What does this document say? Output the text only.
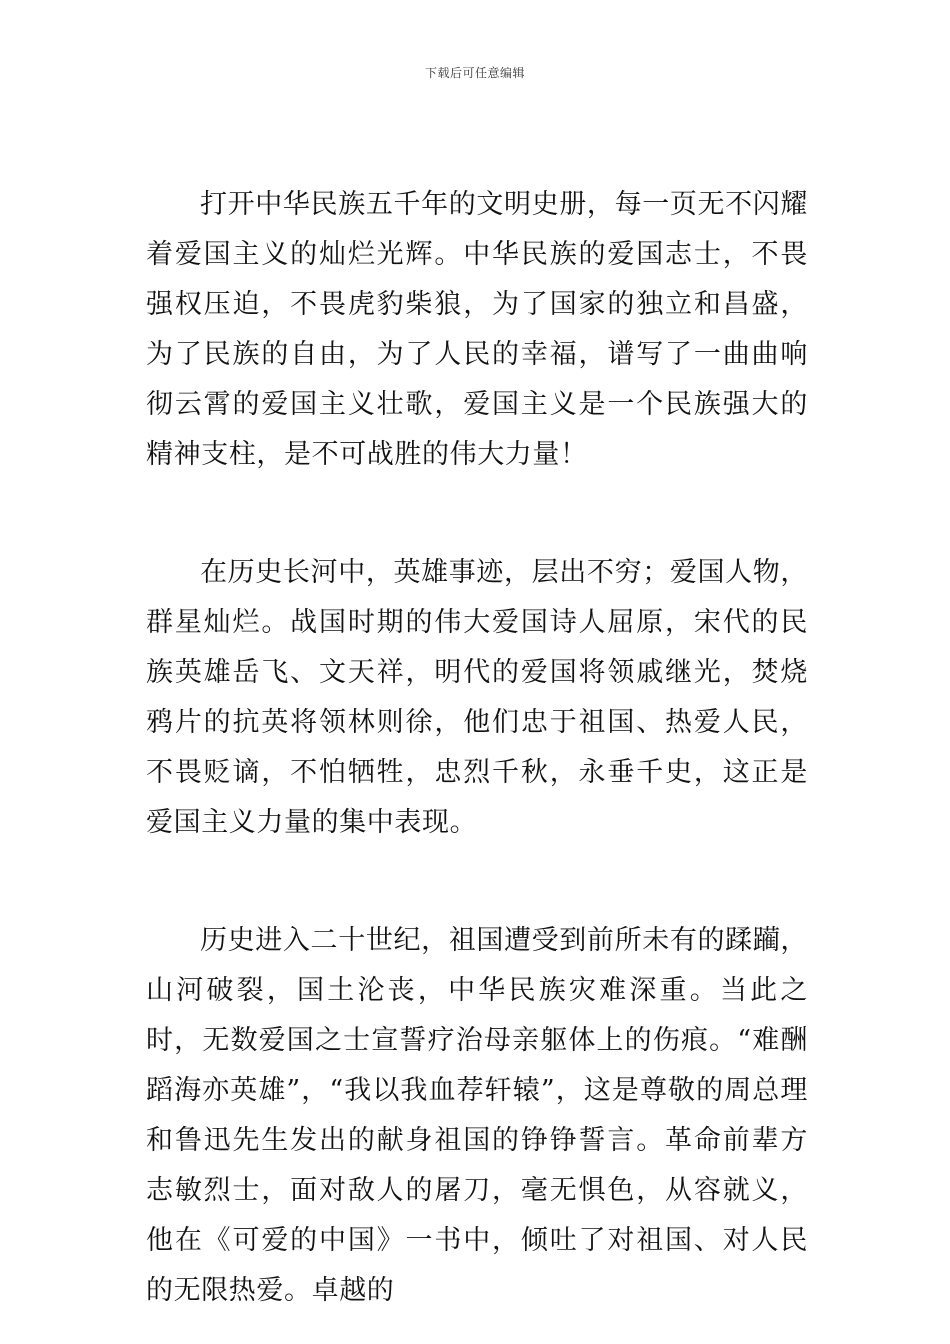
下载后可任意编辑

打开中华民族五千年的文明史册，每一页无不闪耀着爱国主义的灿烂光辉。中华民族的爱国志士，不畏强权压迫，不畏虎豹柴狼，为了国家的独立和昌盛，为了民族的自由，为了人民的幸福，谱写了一曲曲响彻云霄的爱国主义壮歌，爱国主义是一个民族强大的精神支柱，是不可战胜的伟大力量！

在历史长河中，英雄事迹，层出不穷；爱国人物，群星灿烂。战国时期的伟大爱国诗人屈原，宋代的民族英雄岳飞、文天祥，明代的爱国将领戚继光，焚烧鸦片的抗英将领林则徐，他们忠于祖国、热爱人民，不畏贬谪，不怕牺牲，忠烈千秋，永垂千史，这正是爱国主义力量的集中表现。

历史进入二十世纪，祖国遭受到前所未有的蹂躏，山河破裂，国土沦丧，中华民族灾难深重。当此之时，无数爱国之士宣誓疗治母亲躯体上的伤痕。“难酬蹈海亦英雄”，“我以我血荐轩辕”，这是尊敬的周总理和鲁迅先生发出的献身祖国的铮铮誓言。革命前辈方志敏烈士，面对敌人的屠刀，毫无惧色，从容就义，他在《可爱的中国》一书中，倾吐了对祖国、对人民的无限热爱。卓越的
